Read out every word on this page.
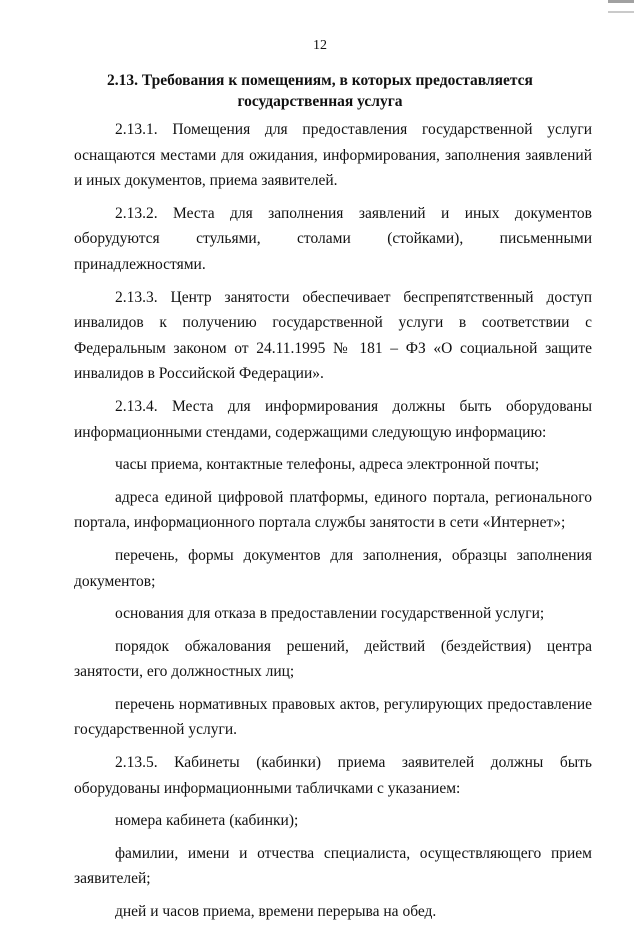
12
2.13. Требования к помещениям, в которых предоставляется
государственная услуга

2.13.1. Помещения для предоставления государственной услуги оснащаются местами для ожидания, информирования, заполнения заявлений и иных документов, приема заявителей.

2.13.2. Места для заполнения заявлений и иных документов оборудуются стульями, столами (стойками), письменными принадлежностями.

2.13.3. Центр занятости обеспечивает беспрепятственный доступ инвалидов к получению государственной услуги в соответствии с Федеральным законом от 24.11.1995 № 181 – ФЗ «О социальной защите инвалидов в Российской Федерации».

2.13.4. Места для информирования должны быть оборудованы информационными стендами, содержащими следующую информацию:

часы приема, контактные телефоны, адреса электронной почты;

адреса единой цифровой платформы, единого портала, регионального портала, информационного портала службы занятости в сети «Интернет»;

перечень, формы документов для заполнения, образцы заполнения документов;

основания для отказа в предоставлении государственной услуги;

порядок обжалования решений, действий (бездействия) центра занятости, его должностных лиц;

перечень нормативных правовых актов, регулирующих предоставление государственной услуги.

2.13.5. Кабинеты (кабинки) приема заявителей должны быть оборудованы информационными табличками с указанием:

номера кабинета (кабинки);

фамилии, имени и отчества специалиста, осуществляющего прием заявителей;

дней и часов приема, времени перерыва на обед.
